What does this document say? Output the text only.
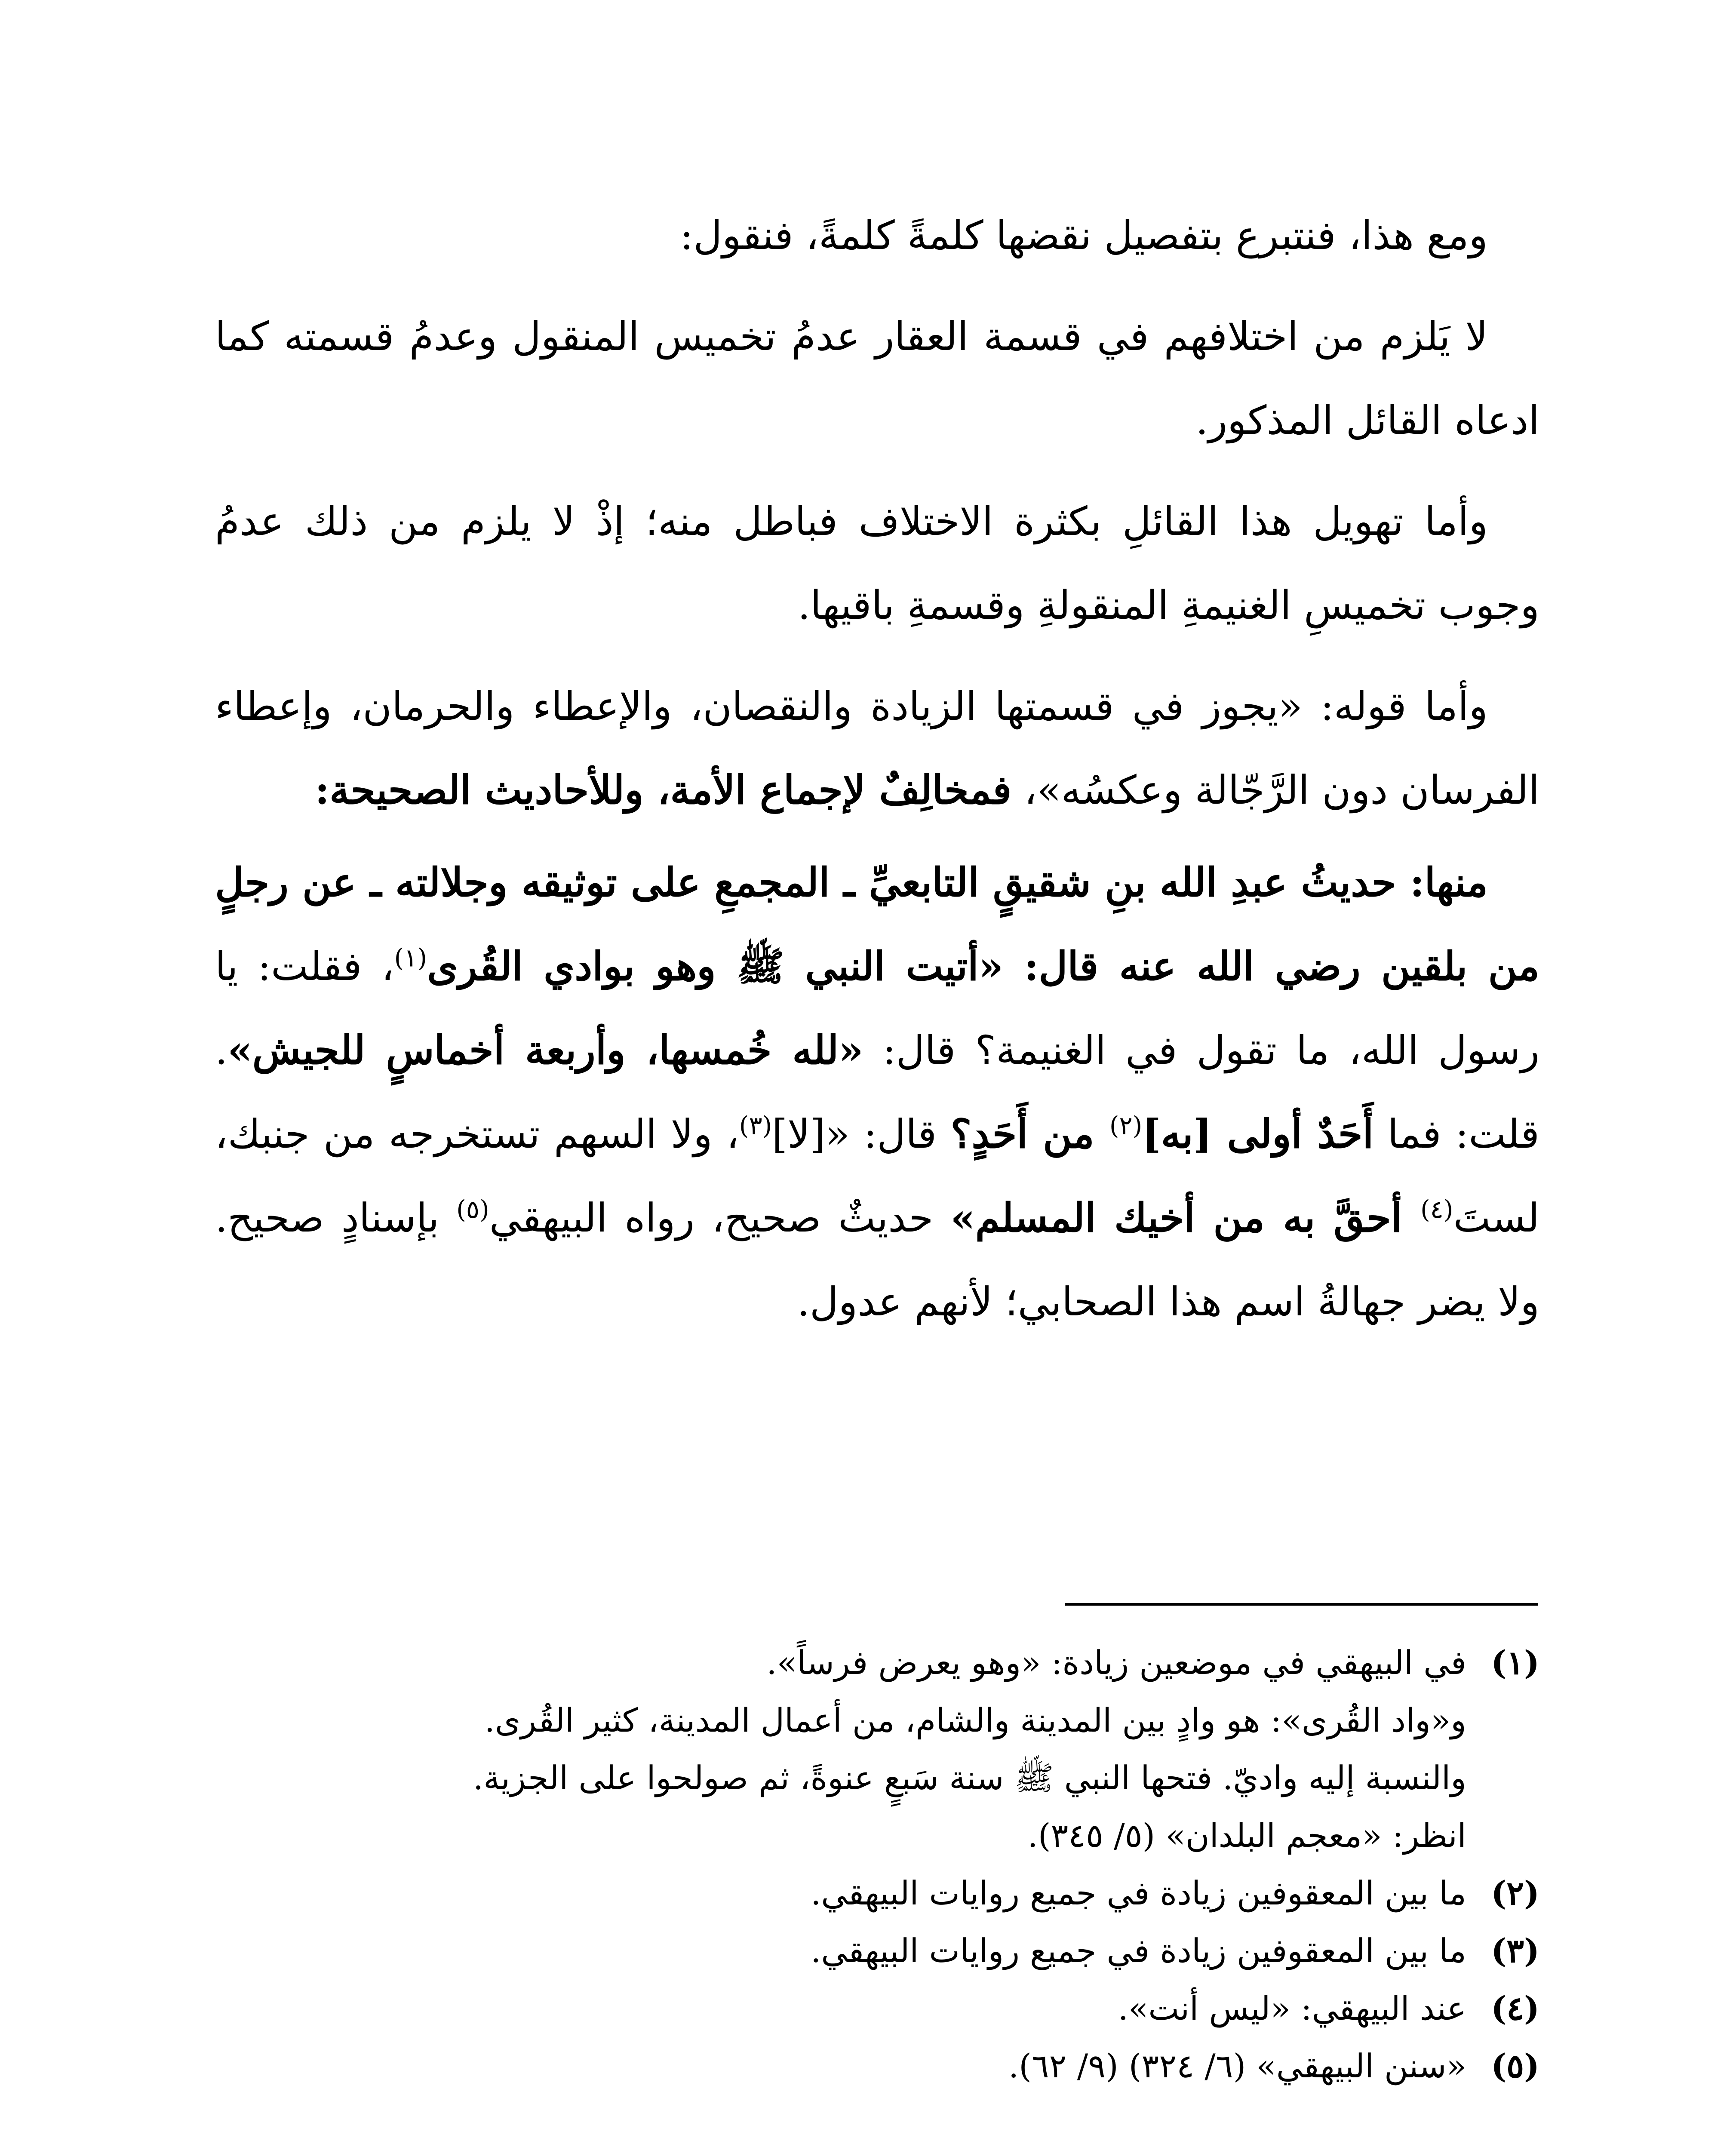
ومع هذا، فنتبرع بتفصيل نقضها كلمةً كلمةً، فنقول:

لا يَلزم من اختلافهم في قسمة العقار عدمُ تخميس المنقول وعدمُ قسمته كما ادعاه القائل المذكور.

وأما تهويل هذا القائلِ بكثرة الاختلاف فباطل منه؛ إذْ لا يلزم من ذلك عدمُ وجوب تخميسِ الغنيمةِ المنقولةِ وقسمةِ باقيها.

وأما قوله: «يجوز في قسمتها الزيادة والنقصان، والإعطاء والحرمان، وإعطاء الفرسان دون الرَّجّالة وعكسُه»، فمخالِفٌ لإجماع الأمة، وللأحاديث الصحيحة:

منها: حديثُ عبدِ الله بنِ شقيقٍ التابعيِّ ـ المجمعِ على توثيقه وجلالته ـ عن رجلٍ من بلقين رضي الله عنه قال: «أتيت النبي ﷺ وهو بوادي القُرى$^{(١)}$، فقلت: يا رسول الله، ما تقول في الغنيمة؟ قال: «لله خُمسها، وأربعة أخماسٍ للجيش». قلت: فما أَحَدٌ أولى [به]$^{(٢)}$ من أَحَدٍ؟ قال: «[لا]$^{(٣)}$، ولا السهم تستخرجه من جنبك، لستَ$^{(٤)}$ أحقَّ به من أخيك المسلم» حديثٌ صحيح، رواه البيهقي$^{(٥)}$ بإسنادٍ صحيح. ولا يضر جهالةُ اسم هذا الصحابي؛ لأنهم عدول.

(١)
في البيهقي في موضعين زيادة: «وهو يعرض فرساً».
و«واد القُرى»: هو وادٍ بين المدينة والشام، من أعمال المدينة، كثير القُرى.
والنسبة إليه واديّ. فتحها النبي ﷺ سنة سَبعٍ عنوةً، ثم صولحوا على الجزية.
انظر: «معجم البلدان» (٥/ ٣٤٥).
(٢)
ما بين المعقوفين زيادة في جميع روايات البيهقي.
(٣)
ما بين المعقوفين زيادة في جميع روايات البيهقي.
(٤)
عند البيهقي: «ليس أنت».
(٥)
«سنن البيهقي» (٦/ ٣٢٤) (٩/ ٦٢).
